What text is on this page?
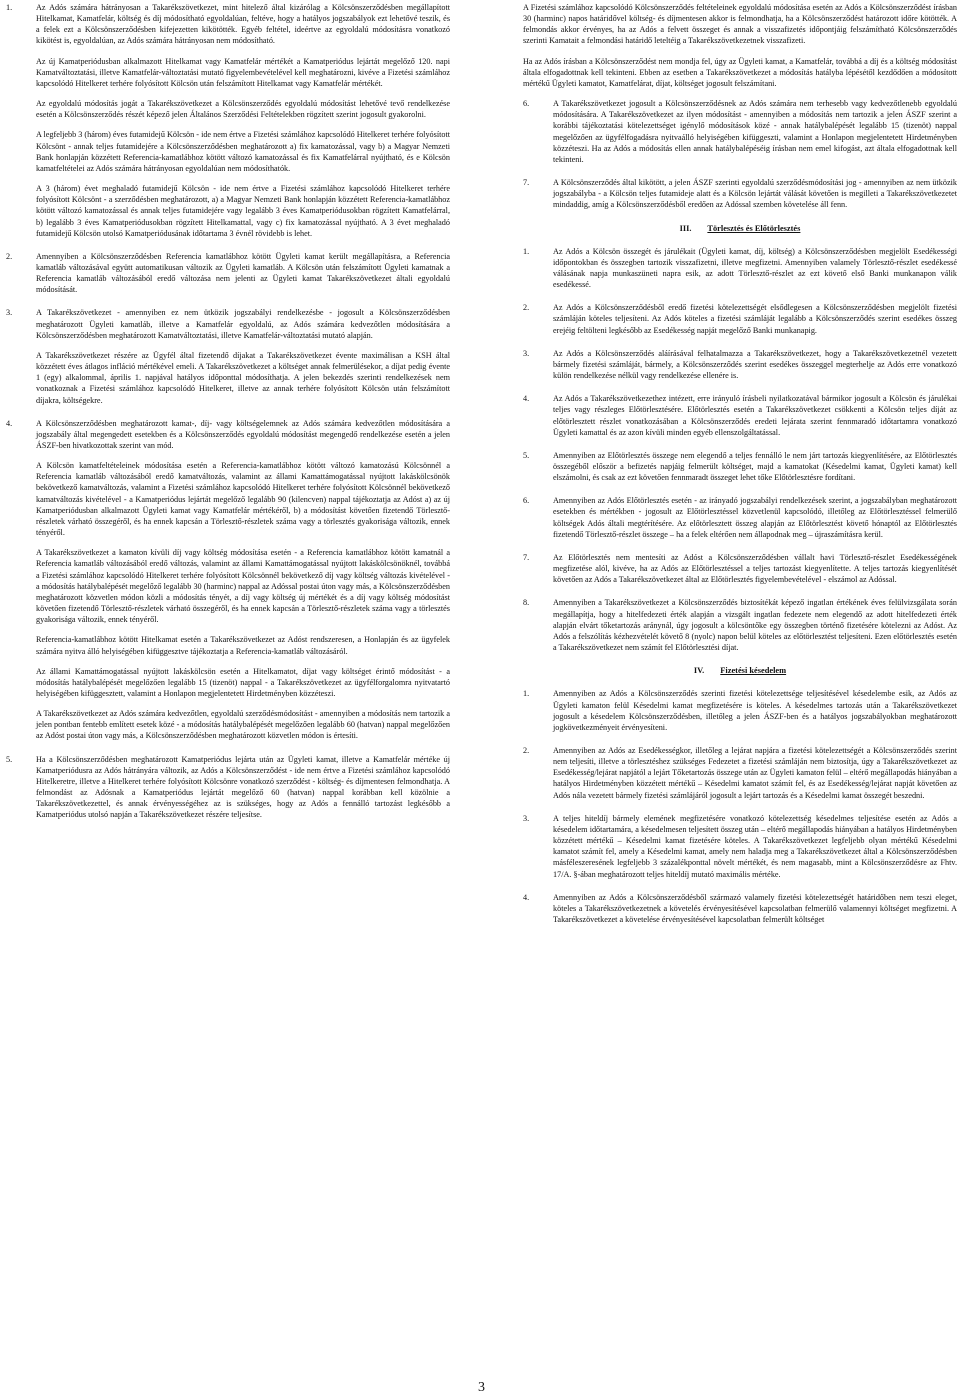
1.	Az Adós számára hátrányosan a Takarékszövetkezet, mint hitelező által kizárólag a Kölcsönszerződésben megállapított Hitelkamat, Kamatfelár, költség és díj módosítható egyoldalúan, feltéve, hogy a hatályos jogszabályok ezt lehetővé teszik, és a felek ezt a Kölcsönszerződésben kifejezetten kikötötték. Egyéb feltétel, ideértve az egyoldalú módosításra vonatkozó kikötést is, egyoldalúan, az Adós számára hátrányosan nem módosítható.

Az új Kamatperiódusban alkalmazott Hitelkamat vagy Kamatfelár mértékét a Kamatperiódus lejártát megelőző 120. napi Kamatváltoztatási, illetve Kamatfelár-változtatási mutató figyelembevételével kell meghatározni, kivéve a Fizetési számlához kapcsolódó Hitelkeret terhére folyósított Kölcsön után felszámított Hitelkamat vagy Kamatfelár mértékét.

Az egyoldalú módosítás jogát a Takarékszövetkezet a Kölcsönszerződés egyoldalú módosítást lehetővé tevő rendelkezése esetén a Kölcsönszerződés részét képező jelen Általános Szerződési Feltételekben rögzített szerint jogosult gyakorolni.

A legfeljebb 3 (három) éves futamidejű Kölcsön - ide nem értve a Fizetési számlához kapcsolódó Hitelkeret terhére folyósított Kölcsönt - annak teljes futamidejére a Kölcsönszerződésben meghatározott a) fix kamatozással, vagy b) a Magyar Nemzeti Bank honlapján közzétett Referencia-kamatlábhoz kötött változó kamatozással és fix Kamatfelárral nyújtható, és e Kölcsön kamatfeltételei az Adós számára hátrányosan egyoldalúan nem módosíthatók.

A 3 (három) évet meghaladó futamidejű Kölcsön - ide nem értve a Fizetési számlához kapcsolódó Hitelkeret terhére folyósított Kölcsönt - a szerződésben meghatározott, a) a Magyar Nemzeti Bank honlapján közzétett Referencia-kamatlábhoz kötött változó kamatozással és annak teljes futamidejére vagy legalább 3 éves Kamatperiódusokban rögzített Kamatfelárral, b) legalább 3 éves Kamatperiódusokban rögzített Hitelkamattal, vagy c) fix kamatozással nyújtható. A 3 évet meghaladó futamidejű Kölcsön utolsó Kamatperiódusának időtartama 3 évnél rövidebb is lehet.

2.	Amennyiben a Kölcsönszerződésben Referencia kamatlábhoz kötött Ügyleti kamat került megállapításra, a Referencia kamatláb változásával együtt automatikusan változik az Ügyleti kamatláb. A Kölcsön után felszámított Ügyleti kamatnak a Referencia kamatláb változásából eredő változása nem jelenti az Ügyleti kamat Takarékszövetkezet általi egyoldalú módosítását.

3.	A Takarékszövetkezet - amennyiben ez nem ütközik jogszabályi rendelkezésbe - jogosult a Kölcsönszerződésben meghatározott Ügyleti kamatláb, illetve a Kamatfelár egyoldalú, az Adós számára kedvezőtlen módosítására a Kölcsönszerződésben meghatározott Kamatváltoztatási, illetve Kamatfelár-változtatási mutató alapján.

A Takarékszövetkezet részére az Ügyfél által fizetendő díjakat a Takarékszövetkezet évente maximálisan a KSH által közzétett éves átlagos infláció mértékével emeli. A Takarékszövetkezet a költséget annak felmerülésekor, a díjat pedig évente 1 (egy) alkalommal, április 1. napjával hatályos időponttal módosíthatja. A jelen bekezdés szerinti rendelkezések nem vonatkoznak a Fizetési számlához kapcsolódó Hitelkeret, illetve az annak terhére folyósított Kölcsön után felszámított díjakra, költségekre.

4.	A Kölcsönszerződésben meghatározott kamat-, díj- vagy költségelemnek az Adós számára kedvezőtlen módosítására a jogszabály által megengedett esetekben és a Kölcsönszerződés egyoldalú módosítást megengedő rendelkezése esetén a jelen ÁSZF-ben hivatkozottak szerint van mód.

A Kölcsön kamatfeltételeinek módosítása esetén a Referencia-kamatlábhoz kötött változó kamatozású Kölcsönnél a Referencia kamatláb változásából eredő kamatváltozás, valamint az állami Kamattámogatással nyújtott lakáskölcsönök bekövetkező kamatváltozás, valamint a Fizetési számlához kapcsolódó Hitelkeret terhére folyósított Kölcsönnél bekövetkező kamatváltozás kivételével - a Kamatperiódus lejártát megelőző legalább 90 (kilencven) nappal tájékoztatja az Adóst a) az új Kamatperiódusban alkalmazott Ügyleti kamat vagy Kamatfelár mértékéről, b) a módosítást követően fizetendő Törlesztő-részletek várható összegéről, és ha ennek kapcsán a Törlesztő-részletek száma vagy a törlesztés gyakorisága változik, ennek tényéről.

A Takarékszövetkezet a kamaton kívüli díj vagy költség módosítása esetén - a Referencia kamatlábhoz kötött kamatnál a Referencia kamatláb változásából eredő változás, valamint az állami Kamattámogatással nyújtott lakáskölcsönöknél, továbbá a Fizetési számlához kapcsolódó Hitelkeret terhére folyósított Kölcsönnél bekövetkező díj vagy költség változás kivételével - a módosítás hatálybalépését megelőző legalább 30 (harminc) nappal az Adóssal postai úton vagy más, a Kölcsönszerződésben meghatározott közvetlen módon közli a módosítás tényét, a díj vagy költség új mértékét és a díj vagy költség módosítást követően fizetendő Törlesztő-részletek várható összegéről, és ha ennek kapcsán a Törlesztő-részletek száma vagy a törlesztés gyakorisága változik, ennek tényéről.

Referencia-kamatlábhoz kötött Hitelkamat esetén a Takarékszövetkezet az Adóst rendszeresen, a Honlapján és az ügyfelek számára nyitva álló helyiségében kifüggesztve tájékoztatja a Referencia-kamatláb változásáról.

Az állami Kamattámogatással nyújtott lakáskölcsön esetén a Hitelkamatot, díjat vagy költséget érintő módosítást - a módosítás hatálybalépését megelőzően legalább 15 (tizenöt) nappal - a Takarékszövetkezet az ügyfélforgalomra nyitvatartó helyiségében kifüggesztett, valamint a Honlapon megjelentetett Hirdetményben közzéteszi.

A Takarékszövetkezet az Adós számára kedvezőtlen, egyoldalú szerződésmódosítást - amennyiben a módosítás nem tartozik a jelen pontban fentebb említett esetek közé - a módosítás hatálybalépését megelőzően legalább 60 (hatvan) nappal megelőzően az Adóst postai úton vagy más, a Kölcsönszerződésben meghatározott közvetlen módon is értesíti.

5.	Ha a Kölcsönszerződésben meghatározott Kamatperiódus lejárta után az Ügyleti kamat, illetve a Kamatfelár mértéke új Kamatperiódusra az Adós hátrányára változik, az Adós a Kölcsönszerződést - ide nem értve a Fizetési számlához kapcsolódó Hitelkeretre, illetve a Hitelkeret terhére folyósított Kölcsönre vonatkozó szerződést - költség- és díjmentesen felmondhatja. A felmondást az Adósnak a Kamatperiódus lejártát megelőző 60 (hatvan) nappal korábban kell közölnie a Takarékszövetkezettel, és annak érvényességéhez az is szükséges, hogy az Adós a fennálló tartozást legkésőbb a Kamatperiódus utolsó napján a Takarékszövetkezet részére teljesítse.

A Fizetési számlához kapcsolódó Kölcsönszerződés feltételeinek egyoldalú módosítása esetén az Adós a Kölcsönszerződést írásban 30 (harminc) napos határidővel költség- és díjmentesen akkor is felmondhatja, ha a Kölcsönszerződést határozott időre kötötték. A felmondás akkor érvényes, ha az Adós a felvett összeget és annak a visszafizetés időpontjáig felszámítható Kölcsönszerződés szerinti Kamatait a felmondási határidő leteltéig a Takarékszövetkezetnek visszafizeti.

Ha az Adós írásban a Kölcsönszerződést nem mondja fel, úgy az Ügyleti kamat, a Kamatfelár, továbbá a díj és a költség módosítást általa elfogadottnak kell tekinteni. Ebben az esetben a Takarékszövetkezet a módosítás hatályba lépésétől kezdődően a módosított mértékű Ügyleti kamatot, Kamatfelárat, díjat, költséget jogosult felszámítani.

6.	A Takarékszövetkezet jogosult a Kölcsönszerződésnek az Adós számára nem terhesebb vagy kedvezőtlenebb egyoldalú módosítására. A Takarékszövetkezet az ilyen módosítást - amennyiben a módosítás nem tartozik a jelen ÁSZF szerint a korábbi tájékoztatási kötelezettséget igénylő módosítások közé - annak hatálybalépését legalább 15 (tizenöt) nappal megelőzően az ügyfélfogadásra nyitvaálló helyiségében kifüggeszti, valamint a Honlapon megjelentetett Hirdetményben közzéteszi. Ha az Adós a módosítás ellen annak hatálybalépéséig írásban nem emel kifogást, azt általa elfogadottnak kell tekinteni.

7.	A Kölcsönszerződés által kikötött, a jelen ÁSZF szerinti egyoldalú szerződésmódosítási jog - amennyiben az nem ütközik jogszabályba - a Kölcsön teljes futamideje alatt és a Kölcsön lejártát válását követően is megilleti a Takarékszövetkezetet mindaddig, amíg a Kölcsönszerződésből eredően az Adóssal szemben követelése áll fenn.

III. Törlesztés és Előtörlesztés
1.	Az Adós a Kölcsön összegét és járulékait (Ügyleti kamat, díj, költség) a Kölcsönszerződésben megjelölt Esedékességi időpontokban és összegben tartozik visszafizetni, illetve megfizetni. Amennyiben valamely Törlesztő-részlet esedékessé válásának napja munkaszüneti napra esik, az adott Törlesztő-részlet az ezt követő első Banki munkanapon válik esedékessé.

2.	Az Adós a Kölcsönszerződésből eredő fizetési kötelezettségét elsődlegesen a Kölcsönszerződésben megjelölt fizetési számláján köteles teljesíteni. Az Adós köteles a fizetési számláját legalább a Kölcsönszerződés szerint esedékes összeg erejéig feltölteni legkésőbb az Esedékesség napját megelőző Banki munkanapig.

3.	Az Adós a Kölcsönszerződés aláírásával felhatalmazza a Takarékszövetkezet, hogy a Takarékszövetkezetnél vezetett bármely fizetési számláját, bármely, a Kölcsönszerződés szerint esedékes összeggel megterhelje az Adós erre vonatkozó külön rendelkezése nélkül vagy rendelkezése ellenére is.

4.	Az Adós a Takarékszövetkezethez intézett, erre irányuló írásbeli nyilatkozatával bármikor jogosult a Kölcsön és járulékai teljes vagy részleges Előtörlesztésére. Előtörlesztés esetén a Takarékszövetkezet csökkenti a Kölcsön teljes díját az előtörlesztett részlet vonatkozásában a Kölcsönszerződés eredeti lejárata szerint fennmaradó időtartamra vonatkozó Ügyleti kamattal és az azon kívüli minden egyéb ellenszolgáltatással.

5.	Amennyiben az Előtörlesztés összege nem elegendő a teljes fennálló le nem járt tartozás kiegyenlítésére, az Előtörlesztés összegéből először a befizetés napjáig felmerült költséget, majd a kamatokat (Késedelmi kamat, Ügyleti kamat) kell elszámolni, és csak az ezt követően fennmaradt összeget lehet tőke Előtörlesztésre fordítani.

6.	Amennyiben az Adós Előtörlesztés esetén - az irányadó jogszabályi rendelkezések szerint, a jogszabályban meghatározott esetekben és mértékben - jogosult az Előtörlesztéssel közvetlenül kapcsolódó, illetőleg az Előtörlesztéssel felmerülő költségek Adós általi megtérítésére. Az előtörlesztett összeg alapján az Előtörlesztést követő hónaptól az Előtörlesztés fizetendő Törlesztő-részlet összege – ha a felek eltérően nem állapodnak meg – újraszámításra kerül.

7.	Az Előtörlesztés nem mentesíti az Adóst a Kölcsönszerződésben vállalt havi Törlesztő-részlet Esedékességének megfizetése alól, kivéve, ha az Adós az Előtörlesztéssel a teljes tartozást kiegyenlítette. A teljes tartozás kiegyenlítését követően az Adós a Takarékszövetkezet által az Előtörlesztés figyelembevételével - elszámol az Adóssal.

8.	Amennyiben a Takarékszövetkezet a Kölcsönszerződés biztosítékát képező ingatlan értékének éves felülvizsgálata során megállapítja, hogy a hitelfedezeti érték alapján a vizsgált ingatlan fedezete nem elegendő az adott hitelfedezeti érték alapján elvárt tőketartozás aránynál, úgy jogosult a kölcsöntőke egy összegben történő fizetésére kötelezni az Adóst. Az Adós a felszólítás kézhezvételét követő 8 (nyolc) napon belül köteles az előtörlesztést teljesíteni. Ezen előtörlesztés esetén a Takarékszövetkezet nem számít fel Előtörlesztési díjat.

IV. Fizetési késedelem
1.	Amennyiben az Adós a Kölcsönszerződés szerinti fizetési kötelezettsége teljesítésével késedelembe esik, az Adós az Ügyleti kamaton felül Késedelmi kamat megfizetésére is köteles. A késedelmes tartozás után a Takarékszövetkezet jogosult a késedelem Kölcsönszerződésben, illetőleg a jelen ÁSZF-ben és a hatályos jogszabályokban meghatározott jogkövetkezményeit érvényesíteni.

2.	Amennyiben az Adós az Esedékességkor, illetőleg a lejárat napjára a fizetési kötelezettségét a Kölcsönszerződés szerint nem teljesíti, illetve a törlesztéshez szükséges Fedezetet a fizetési számláján nem biztosítja, úgy a Takarékszövetkezet az Esedékesség/lejárat napjától a lejárt Tőketartozás összege után az Ügyleti kamaton felül – eltérő megállapodás hiányában a hatályos Hirdetményben közzétett mértékű – Késedelmi kamatot számít fel, és az Esedékesség/lejárat napját követően az Adós nála vezetett bármely fizetési számlájáról jogosult a lejárt tartozás és a Késedelmi kamat összegét beszedni.

3.	A teljes hiteldíj bármely elemének megfizetésére vonatkozó kötelezettség késedelmes teljesítése esetén az Adós a késedelem időtartamára, a késedelmesen teljesített összeg után – eltérő megállapodás hiányában a hatályos Hirdetményben közzétett mértékű – Késedelmi kamat fizetésére köteles. A Takarékszövetkezet legfeljebb olyan mértékű Késedelmi kamatot számít fel, amely a Késedelmi kamat, amely nem haladja meg a Takarékszövetkezet által a Kölcsönszerződésben másféleszeresének legfeljebb 3 százalékponttal növelt mértékét, és nem magasabb, mint a Kölcsönszerződésre az Fhtv. 17/A. §-ában meghatározott teljes hiteldíj mutató maximális mértéke.

4.	Amennyiben az Adós a Kölcsönszerződésből származó valamely fizetési kötelezettségét határidőben nem teszi eleget, köteles a Takarékszövetkezetnek a követelés érvényesítésével kapcsolatban felmerülő valamennyi költséget megfizetni. A Takarékszövetkezet a követelése érvényesítésével kapcsolatban felmerült költséget

3
